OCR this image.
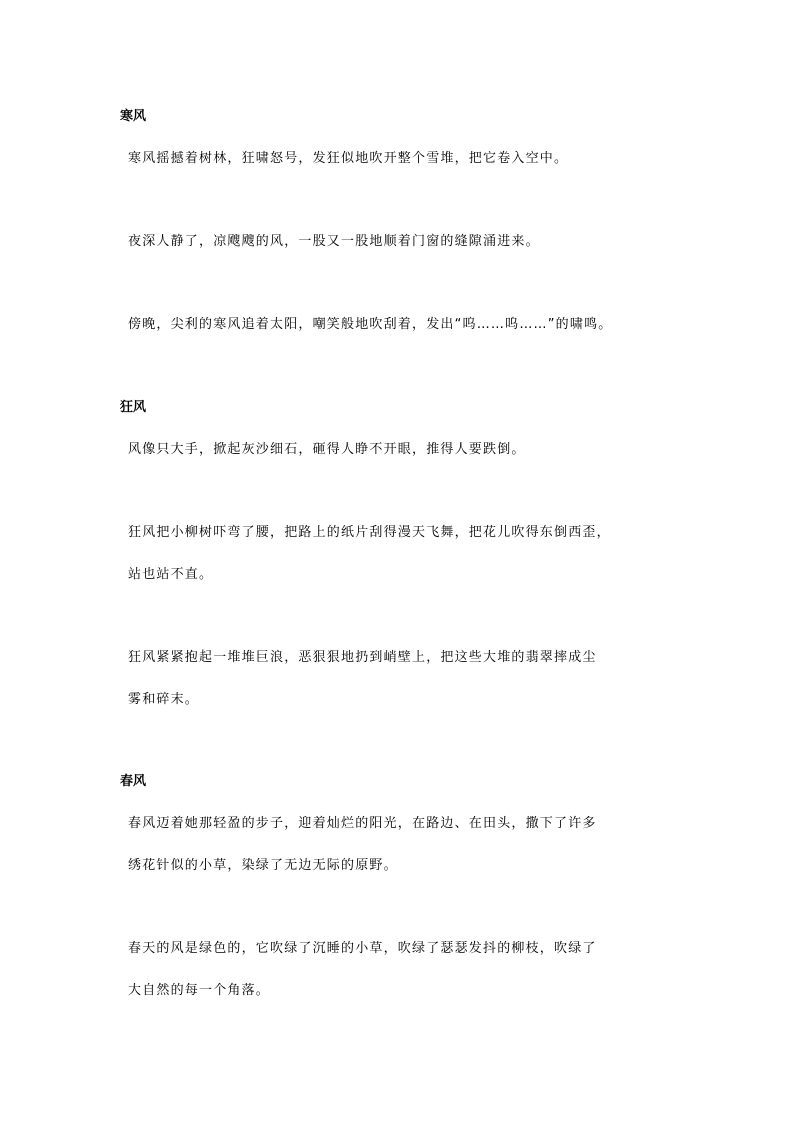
寒风
寒风摇撼着树林，狂啸怒号，发狂似地吹开整个雪堆，把它卷入空中。
夜深人静了，凉飕飕的风，一股又一股地顺着门窗的缝隙涌进来。
傍晚，尖利的寒风追着太阳，嘲笑般地吹刮着，发出“呜……呜……”的啸鸣。
狂风
风像只大手，掀起灰沙细石，砸得人睁不开眼，推得人要跌倒。
狂风把小柳树吓弯了腰，把路上的纸片刮得漫天飞舞，把花儿吹得东倒西歪，
站也站不直。
狂风紧紧抱起一堆堆巨浪，恶狠狠地扔到峭壁上，把这些大堆的翡翠摔成尘
雾和碎末。
春风
春风迈着她那轻盈的步子，迎着灿烂的阳光，在路边、在田头，撒下了许多
绣花针似的小草，染绿了无边无际的原野。
春天的风是绿色的，它吹绿了沉睡的小草，吹绿了瑟瑟发抖的柳枝，吹绿了
大自然的每一个角落。
